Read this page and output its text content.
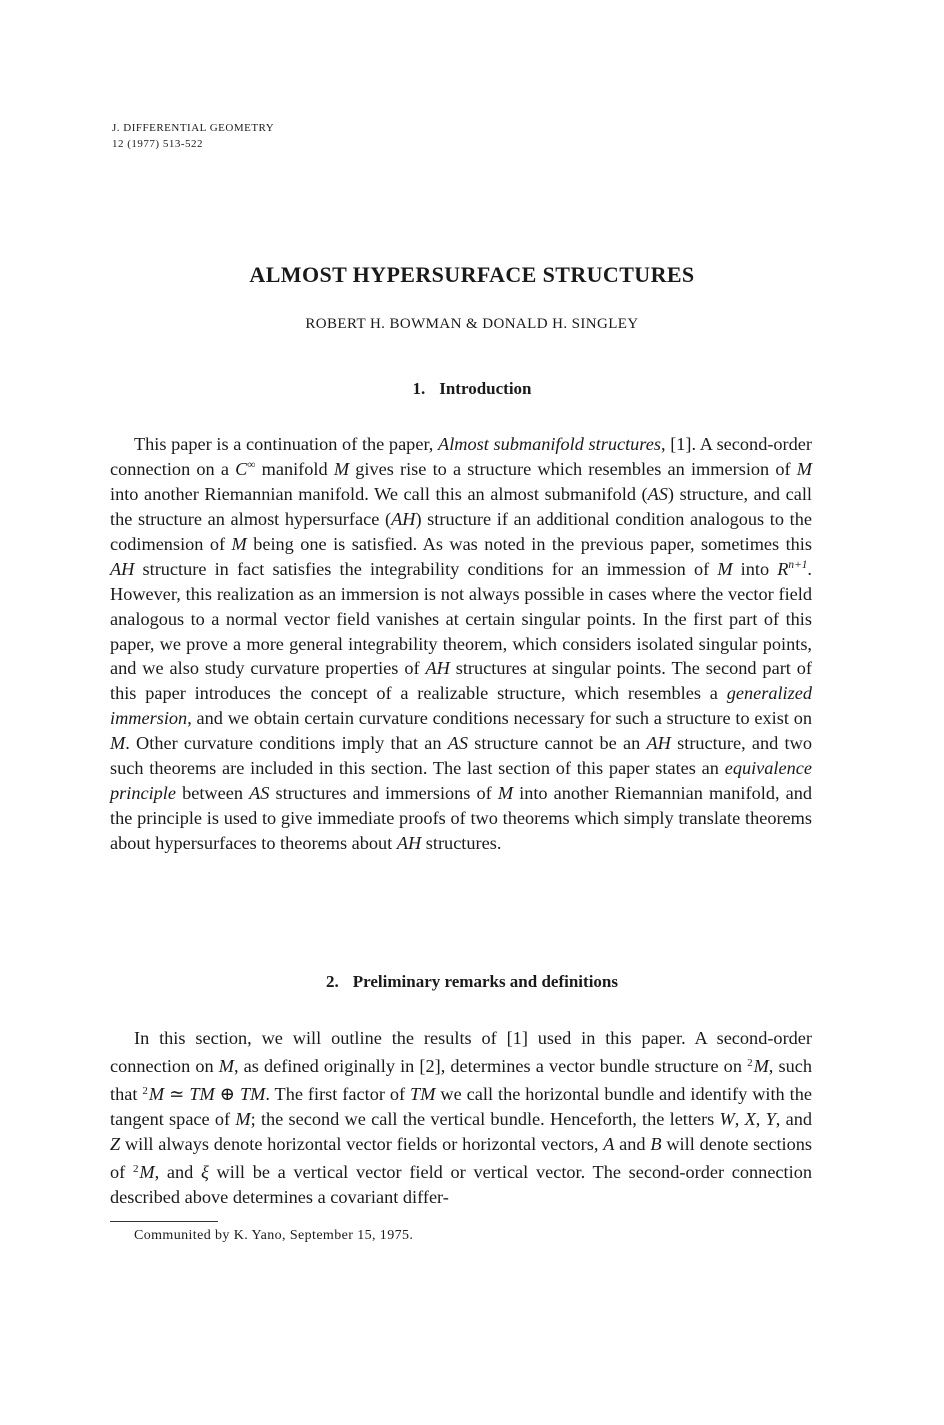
J. DIFFERENTIAL GEOMETRY
12 (1977) 513-522
ALMOST HYPERSURFACE STRUCTURES
ROBERT H. BOWMAN & DONALD H. SINGLEY
1. Introduction

This paper is a continuation of the paper, Almost submanifold structures, [1]. A second-order connection on a C∞ manifold M gives rise to a structure which resembles an immersion of M into another Riemannian manifold. We call this an almost submanifold (AS) structure, and call the structure an almost hypersurface (AH) structure if an additional condition analogous to the codimension of M being one is satisfied. As was noted in the previous paper, sometimes this AH structure in fact satisfies the integrability conditions for an immession of M into $R^{n+1}$. However, this realization as an immersion is not always possible in cases where the vector field analogous to a normal vector field vanishes at certain singular points. In the first part of this paper, we prove a more general integrability theorem, which considers isolated singular points, and we also study curvature properties of AH structures at singular points. The second part of this paper introduces the concept of a realizable structure, which resembles a generalized immersion, and we obtain certain curvature conditions necessary for such a structure to exist on M. Other curvature conditions imply that an AS structure cannot be an AH structure, and two such theorems are included in this section. The last section of this paper states an equivalence principle between AS structures and immersions of M into another Riemannian manifold, and the principle is used to give immediate proofs of two theorems which simply translate theorems about hypersurfaces to theorems about AH structures.

2. Preliminary remarks and definitions

In this section, we will outline the results of [1] used in this paper. A second-order connection on M, as defined originally in [2], determines a vector bundle structure on $^2$M, such that $^2$M ≃ TM ⊕ TM. The first factor of TM we call the horizontal bundle and identify with the tangent space of M; the second we call the vertical bundle. Henceforth, the letters W, X, Y, and Z will always denote horizontal vector fields or horizontal vectors, A and B will denote sections of $^2$M, and ξ will be a vertical vector field or vertical vector. The second-order connection described above determines a covariant differ-

Communited by K. Yano, September 15, 1975.
